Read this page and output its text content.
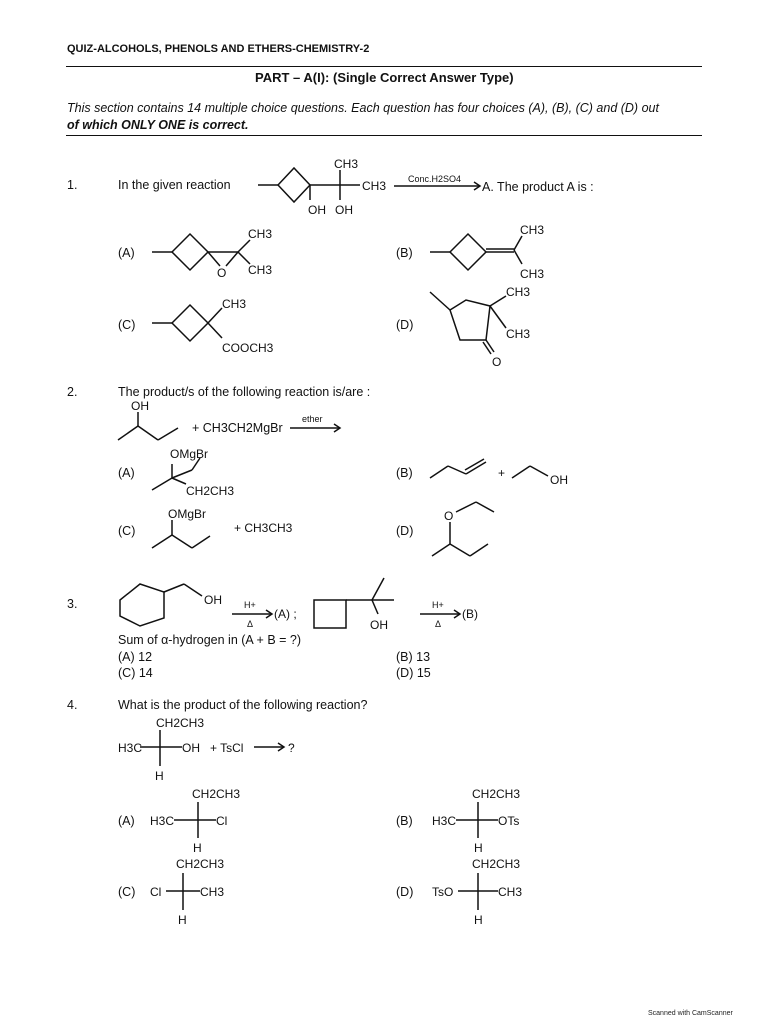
QUIZ-ALCOHOLS, PHENOLS AND ETHERS-CHEMISTRY-2
PART – A(I): (Single Correct Answer Type)
This section contains 14 multiple choice questions. Each question has four choices (A), (B), (C) and (D) out
of which ONLY ONE is correct.
1.	In the given reaction
CH3
CH3
OH OH
Conc.H2SO4
A. The product A is :
(A)
CH3
CH3
O
(B)
CH3
CH3
(C)
CH3
COOCH3
(D)
CH3
CH3
O
2.	The product/s of the following reaction is/are :
OH
ether
+ CH3CH2MgBr
(A)
OMgBr
CH2CH3
(B)	+	OH
(C)
OMgBr
+ CH3CH3	(D)
O
3.	OH H+
Δ
(A) ;
OH
H+
Δ
(B)
Sum of α-hydrogen in (A + B = ?)
(A) 12	(B) 13
(C) 14	(D) 15
4.	What is the product of the following reaction?
CH2CH3
H3C	OH
H
+ TsCl	?
(A)
CH2CH3
H3C	Cl
H
(B)
CH2CH3
H3C	OTs
H
(C)
CH2CH3
Cl	CH3
H
(D)
CH2CH3
TsO	CH3
H
Scanned with CamScanner
